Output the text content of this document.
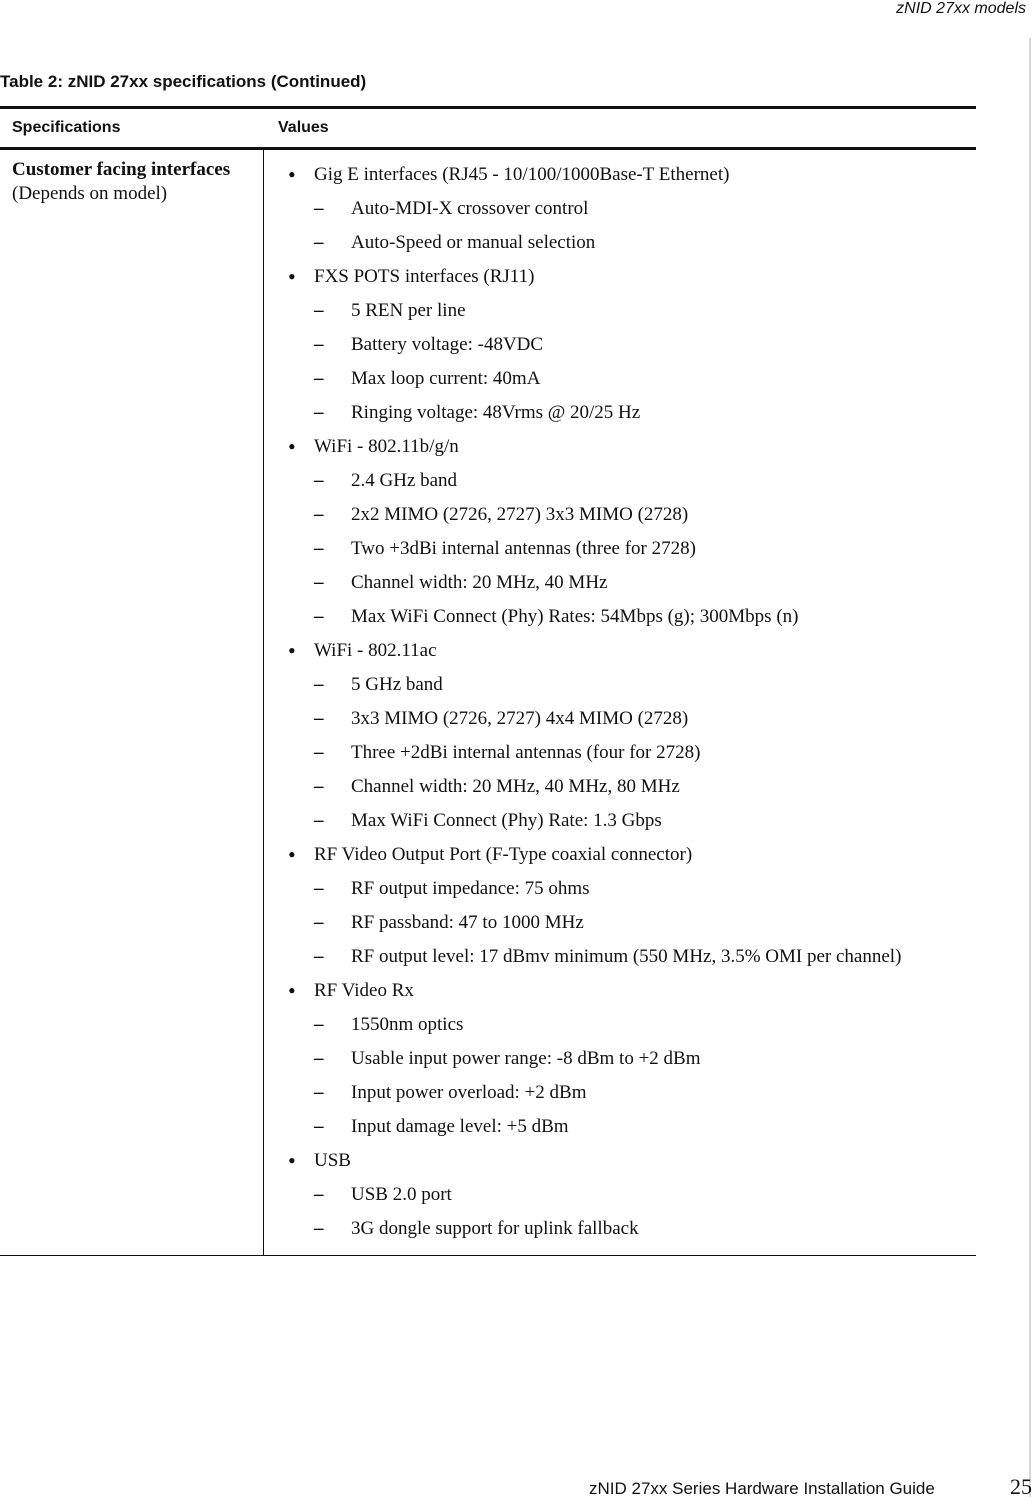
zNID 27xx models
Table 2: zNID 27xx specifications (Continued)
Specifications	Values
Customer facing interfaces (Depends on model)
• Gig E interfaces (RJ45 - 10/100/1000Base-T Ethernet)
– Auto-MDI-X crossover control
– Auto-Speed or manual selection
• FXS POTS interfaces (RJ11)
– 5 REN per line
– Battery voltage: -48VDC
– Max loop current: 40mA
– Ringing voltage: 48Vrms @ 20/25 Hz
• WiFi - 802.11b/g/n
– 2.4 GHz band
– 2x2 MIMO (2726, 2727) 3x3 MIMO (2728)
– Two +3dBi internal antennas (three for 2728)
– Channel width: 20 MHz, 40 MHz
– Max WiFi Connect (Phy) Rates: 54Mbps (g); 300Mbps (n)
• WiFi - 802.11ac
– 5 GHz band
– 3x3 MIMO (2726, 2727) 4x4 MIMO (2728)
– Three +2dBi internal antennas (four for 2728)
– Channel width: 20 MHz, 40 MHz, 80 MHz
– Max WiFi Connect (Phy) Rate: 1.3 Gbps
• RF Video Output Port (F-Type coaxial connector)
– RF output impedance: 75 ohms
– RF passband: 47 to 1000 MHz
– RF output level: 17 dBmv minimum (550 MHz, 3.5% OMI per channel)
• RF Video Rx
– 1550nm optics
– Usable input power range: -8 dBm to +2 dBm
– Input power overload: +2 dBm
– Input damage level: +5 dBm
• USB
– USB 2.0 port
– 3G dongle support for uplink fallback
zNID 27xx Series Hardware Installation Guide	25
